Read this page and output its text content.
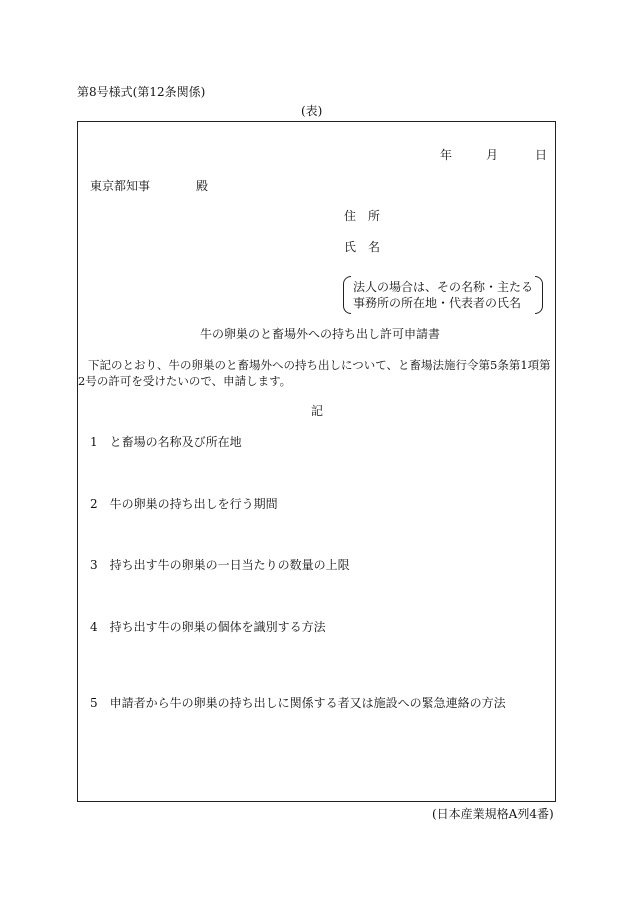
第8号様式(第12条関係)
(表)
年	月	日
東京都知事	殿
住　所
氏　名
法人の場合は、その名称・主たる
事務所の所在地・代表者の氏名
牛の卵巣のと畜場外への持ち出し許可申請書
下記のとおり、牛の卵巣のと畜場外への持ち出しについて、と畜場法施行令第5条第1項第
2号の許可を受けたいので、申請します。
記
1　と畜場の名称及び所在地
2　牛の卵巣の持ち出しを行う期間
3　持ち出す牛の卵巣の一日当たりの数量の上限
4　持ち出す牛の卵巣の個体を識別する方法
5　申請者から牛の卵巣の持ち出しに関係する者又は施設への緊急連絡の方法
(日本産業規格A列4番)
